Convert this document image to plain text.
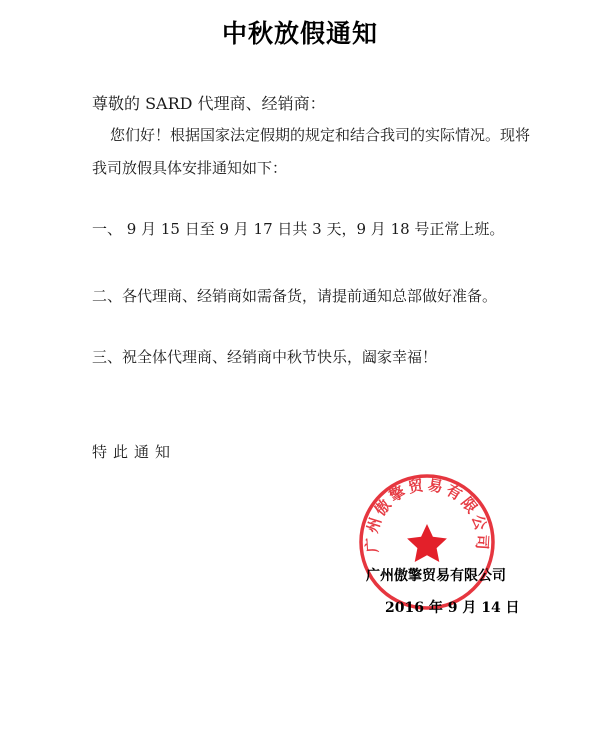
中秋放假通知
尊敬的 SARD 代理商、经销商：
您们好！根据国家法定假期的规定和结合我司的实际情况。现将
我司放假具体安排通知如下：
一、 9 月 15 日至 9 月 17 日共 3 天，9 月 18 号正常上班。
二、各代理商、经销商如需备货，请提前通知总部做好准备。
三、祝全体代理商、经销商中秋节快乐，阖家幸福！
特此通知
广州傲擎贸易有限公司
广州傲擎贸易有限公司
2016 年 9 月 14 日
